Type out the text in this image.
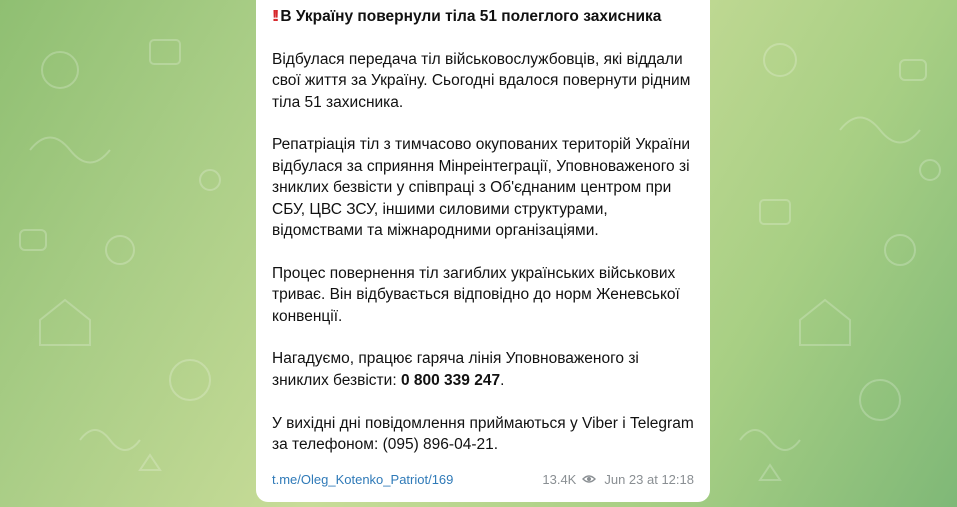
!! В Україну повернули тіла 51 полеглого захисника

Відбулася передача тіл військовослужбовців, які віддали свої життя за Україну. Сьогодні вдалося повернути рідним тіла 51 захисника.

Репатріація тіл з тимчасово окупованих територій України відбулася за сприяння Мінреінтеграції, Уповноваженого зі зниклих безвісти у співпраці з Об'єднаним центром при СБУ, ЦВС ЗСУ, іншими силовими структурами, відомствами та міжнародними організаціями.

Процес повернення тіл загиблих українських військових триває. Він відбувається відповідно до норм Женевської конвенції.

Нагадуємо, працює гаряча лінія Уповноваженого зі зниклих безвісти: 0 800 339 247.

У вихідні дні повідомлення приймаються у Viber і Telegram за телефоном: (095) 896-04-21.

t.me/Oleg_Kotenko_Patriot/169	13.4K Jun 23 at 12:18
